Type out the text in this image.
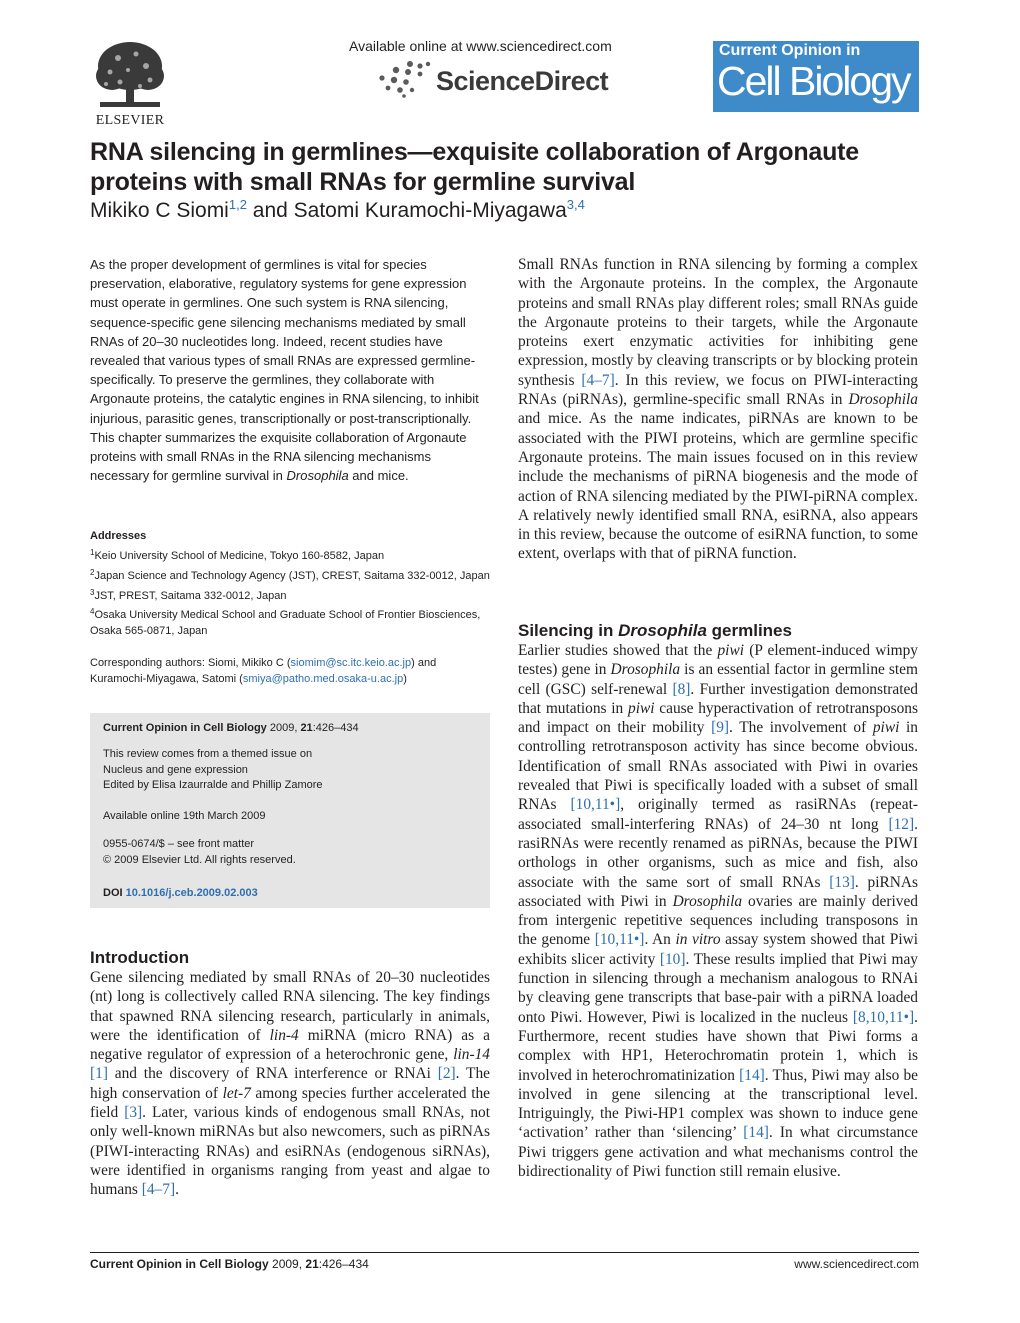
ELSEVIER
Available online at www.sciencedirect.com
ScienceDirect
Current Opinion in
Cell Biology
RNA silencing in germlines—exquisite collaboration of Argonaute proteins with small RNAs for germline survival
Mikiko C Siomi$^{1,2}$ and Satomi Kuramochi-Miyagawa$^{3,4}$

As the proper development of germlines is vital for species preservation, elaborative, regulatory systems for gene expression must operate in germlines. One such system is RNA silencing, sequence-specific gene silencing mechanisms mediated by small RNAs of 20–30 nucleotides long. Indeed, recent studies have revealed that various types of small RNAs are expressed germline-specifically. To preserve the germlines, they collaborate with Argonaute proteins, the catalytic engines in RNA silencing, to inhibit injurious, parasitic genes, transcriptionally or post-transcriptionally. This chapter summarizes the exquisite collaboration of Argonaute proteins with small RNAs in the RNA silencing mechanisms necessary for germline survival in Drosophila and mice.

Addresses

$^1$Keio University School of Medicine, Tokyo 160-8582, Japan

$^2$Japan Science and Technology Agency (JST), CREST, Saitama 332-0012, Japan

$^3$JST, PREST, Saitama 332-0012, Japan

$^4$Osaka University Medical School and Graduate School of Frontier Biosciences, Osaka 565-0871, Japan

Corresponding authors: Siomi, Mikiko C (siomim@sc.itc.keio.ac.jp) and Kuramochi-Miyagawa, Satomi (smiya@patho.med.osaka-u.ac.jp)

Current Opinion in Cell Biology 2009, 21:426–434
This review comes from a themed issue on
Nucleus and gene expression
Edited by Elisa Izaurralde and Phillip Zamore
Available online 19th March 2009
0955-0674/$ – see front matter
© 2009 Elsevier Ltd. All rights reserved.
DOI 10.1016/j.ceb.2009.02.003
Introduction

Gene silencing mediated by small RNAs of 20–30 nucleotides (nt) long is collectively called RNA silencing. The key findings that spawned RNA silencing research, particularly in animals, were the identification of lin-4 miRNA (micro RNA) as a negative regulator of expression of a heterochronic gene, lin-14 [1] and the discovery of RNA interference or RNAi [2]. The high conservation of let-7 among species further accelerated the field [3]. Later, various kinds of endogenous small RNAs, not only well-known miRNAs but also newcomers, such as piRNAs (PIWI-interacting RNAs) and esiRNAs (endogenous siRNAs), were identified in organisms ranging from yeast and algae to humans [4–7].

Small RNAs function in RNA silencing by forming a complex with the Argonaute proteins. In the complex, the Argonaute proteins and small RNAs play different roles; small RNAs guide the Argonaute proteins to their targets, while the Argonaute proteins exert enzymatic activities for inhibiting gene expression, mostly by cleaving transcripts or by blocking protein synthesis [4–7]. In this review, we focus on PIWI-interacting RNAs (piRNAs), germline-specific small RNAs in Drosophila and mice. As the name indicates, piRNAs are known to be associated with the PIWI proteins, which are germline specific Argonaute proteins. The main issues focused on in this review include the mechanisms of piRNA biogenesis and the mode of action of RNA silencing mediated by the PIWI-piRNA complex. A relatively newly identified small RNA, esiRNA, also appears in this review, because the outcome of esiRNA function, to some extent, overlaps with that of piRNA function.

Silencing in Drosophila germlines

Earlier studies showed that the piwi (P element-induced wimpy testes) gene in Drosophila is an essential factor in germline stem cell (GSC) self-renewal [8]. Further investigation demonstrated that mutations in piwi cause hyperactivation of retrotransposons and impact on their mobility [9]. The involvement of piwi in controlling retrotransposon activity has since become obvious. Identification of small RNAs associated with Piwi in ovaries revealed that Piwi is specifically loaded with a subset of small RNAs [10,11•], originally termed as rasiRNAs (repeat-associated small-interfering RNAs) of 24–30 nt long [12]. rasiRNAs were recently renamed as piRNAs, because the PIWI orthologs in other organisms, such as mice and fish, also associate with the same sort of small RNAs [13]. piRNAs associated with Piwi in Drosophila ovaries are mainly derived from intergenic repetitive sequences including transposons in the genome [10,11•]. An in vitro assay system showed that Piwi exhibits slicer activity [10]. These results implied that Piwi may function in silencing through a mechanism analogous to RNAi by cleaving gene transcripts that base-pair with a piRNA loaded onto Piwi. However, Piwi is localized in the nucleus [8,10,11•]. Furthermore, recent studies have shown that Piwi forms a complex with HP1, Heterochromatin protein 1, which is involved in heterochromatinization [14]. Thus, Piwi may also be involved in gene silencing at the transcriptional level. Intriguingly, the Piwi-HP1 complex was shown to induce gene ‘activation’ rather than ‘silencing’ [14]. In what circumstance Piwi triggers gene activation and what mechanisms control the bidirectionality of Piwi function still remain elusive.

Current Opinion in Cell Biology 2009, 21:426–434	www.sciencedirect.com
